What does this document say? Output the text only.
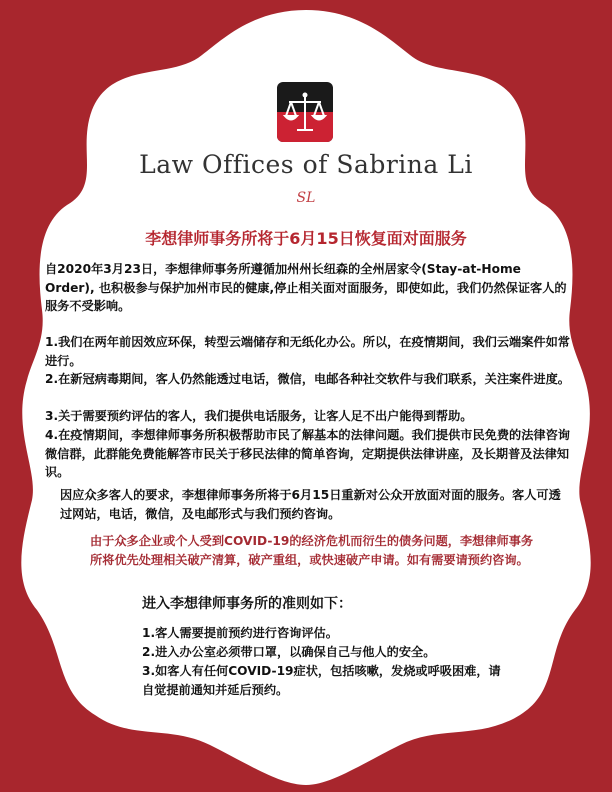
Law Offices of Sabrina Li
SL
李想律师事务所将于6月15日恢复面对面服务
自2020年3月23日，李想律师事务所遵循加州州长纽森的全州居家令(Stay-at-Home Order), 也积极参与保护加州市民的健康,停止相关面对面服务，即使如此，我们仍然保证客人的服务不受影响。
1.我们在两年前因效应环保，转型云端储存和无纸化办公。所以，在疫情期间，我们云端案件如常进行。
2.在新冠病毒期间，客人仍然能透过电话，微信，电邮各种社交软件与我们联系，关注案件进度。
3.关于需要预约评估的客人，我们提供电话服务，让客人足不出户能得到帮助。
4.在疫情期间，李想律师事务所积极帮助市民了解基本的法律问题。我们提供市民免费的法律咨询微信群，此群能免费能解答市民关于移民法律的简单咨询，定期提供法律讲座，及长期普及法律知识。
因应众多客人的要求，李想律师事务所将于6月15日重新对公众开放面对面的服务。客人可透过网站，电话，微信，及电邮形式与我们预约咨询。
由于众多企业或个人受到COVID-19的经济危机而衍生的债务问题，李想律师事务所将优先处理相关破产清算，破产重组，或快速破产申请。如有需要请预约咨询。
进入李想律师事务所的准则如下：
1.客人需要提前预约进行咨询评估。
2.进入办公室必须带口罩，以确保自己与他人的安全。
3.如客人有任何COVID-19症状，包括咳嗽，发烧或呼吸困难，请自觉提前通知并延后预约。
